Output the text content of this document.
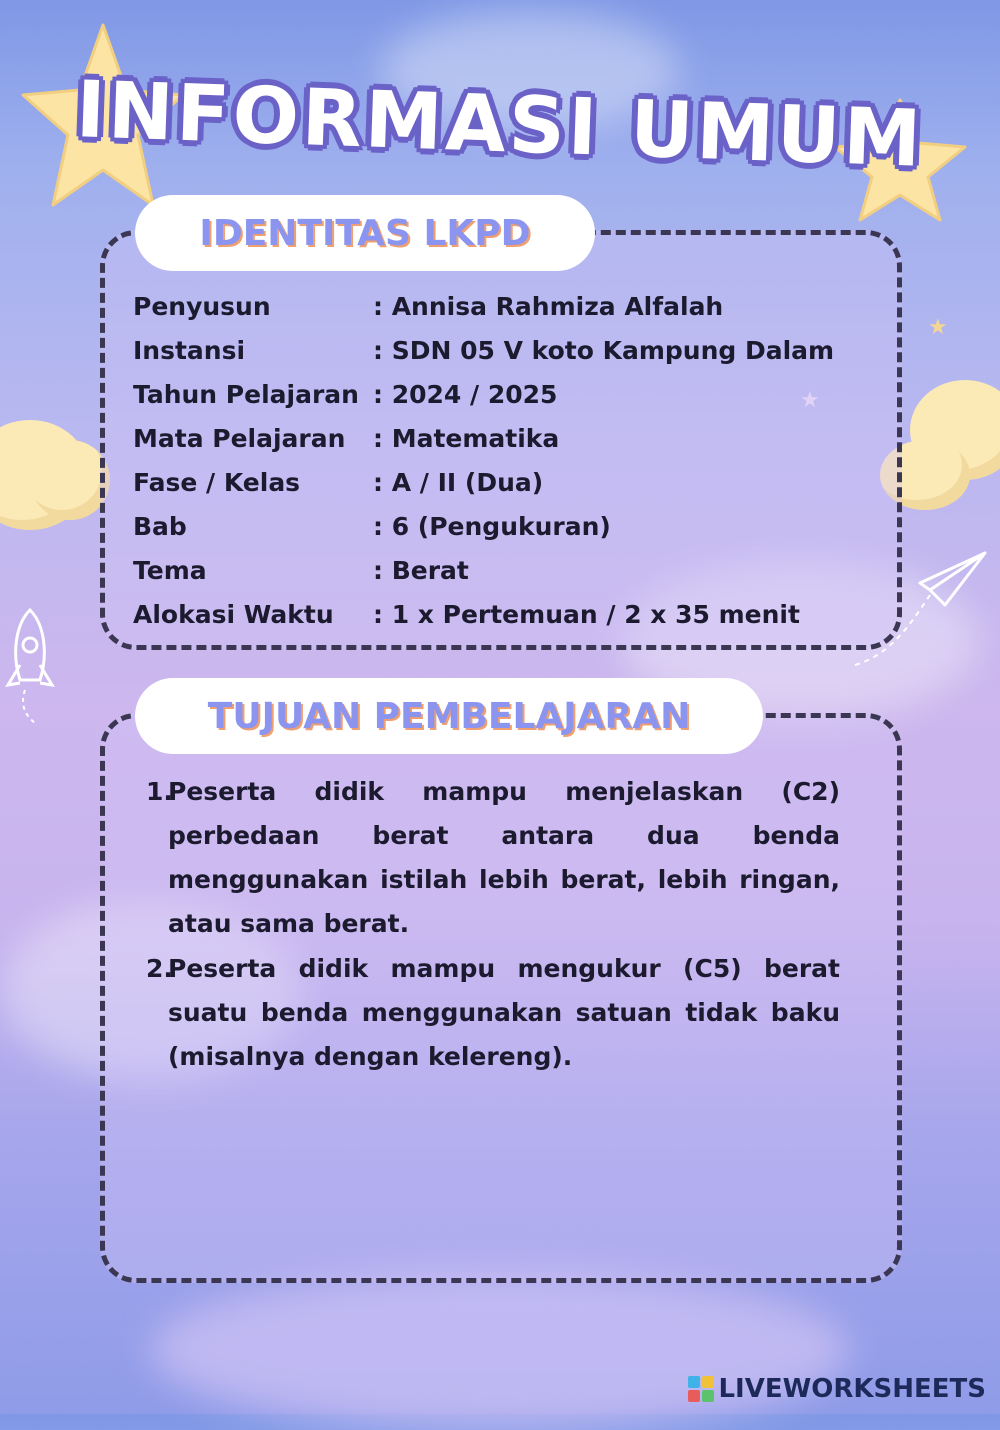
★
★
INFORMASI UMUM
IDENTITAS LKPD
Penyusun	: Annisa Rahmiza Alfalah
Instansi	: SDN 05 V koto Kampung Dalam
Tahun Pelajaran : 2024 / 2025
Mata Pelajaran : Matematika
Fase / Kelas	: A / II (Dua)
Bab	: 6 (Pengukuran)
Tema	: Berat
Alokasi Waktu : 1 x Pertemuan / 2 x 35 menit
TUJUAN PEMBELAJARAN
1.
Peserta didik mampu menjelaskan (C2) perbedaan berat antara dua benda menggunakan istilah lebih berat, lebih ringan, atau sama berat.
2.
Peserta didik mampu mengukur (C5) berat suatu benda menggunakan satuan tidak baku (misalnya dengan kelereng).
LIVEWORKSHEETS
